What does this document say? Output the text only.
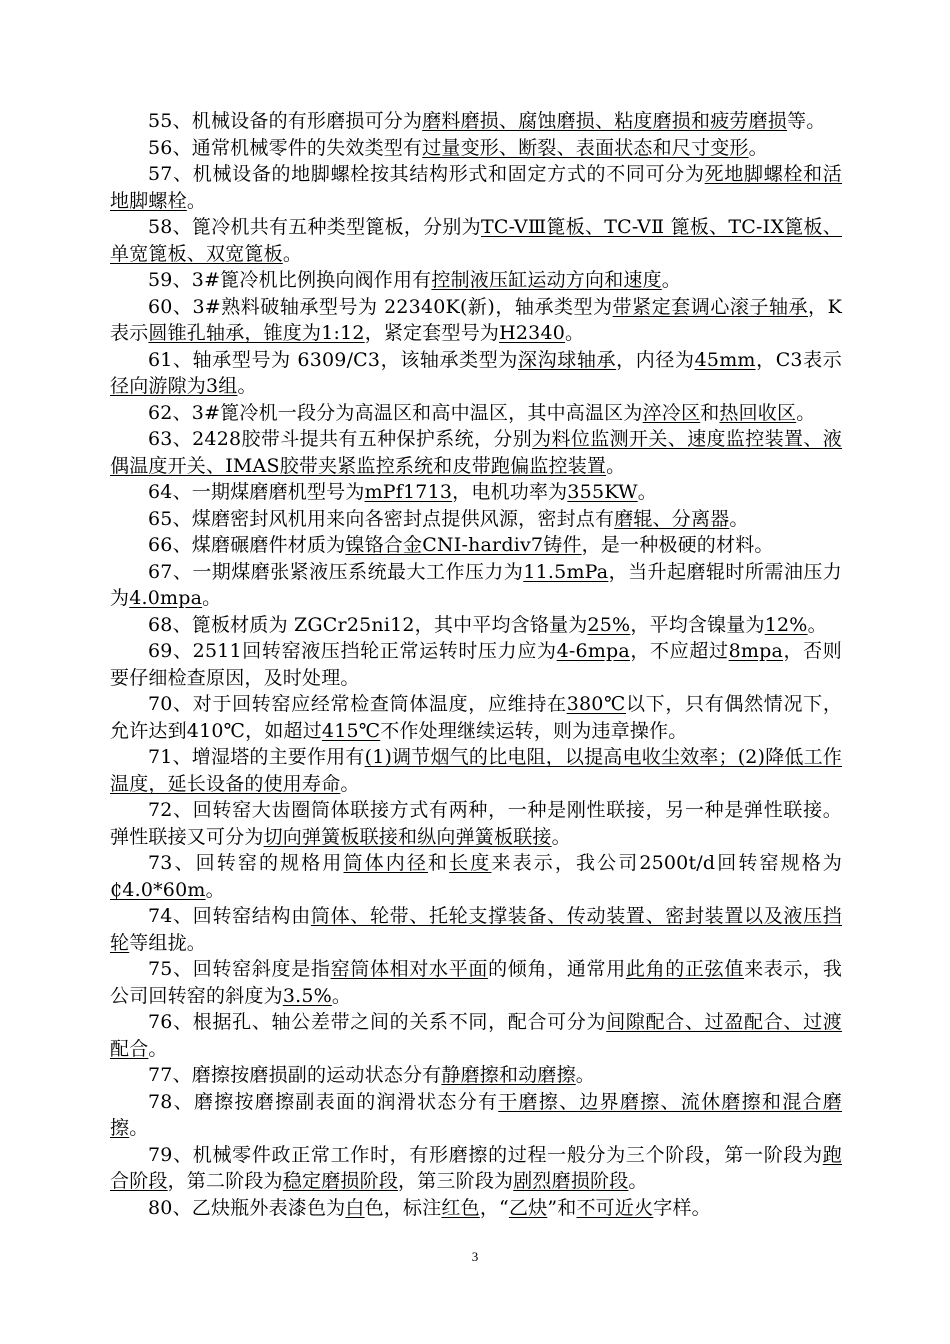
55、机械设备的有形磨损可分为磨料磨损、腐蚀磨损、粘度磨损和疲劳磨损等。

56、通常机械零件的失效类型有过量变形、断裂、表面状态和尺寸变形。

57、机械设备的地脚螺栓按其结构形式和固定方式的不同可分为死地脚螺栓和活地脚螺栓。

58、篦冷机共有五种类型篦板，分别为TC-VⅢ篦板、TC-VⅡ 篦板、TC-ⅠX篦板、单宽篦板、双宽篦板。

59、3#篦冷机比例换向阀作用有控制液压缸运动方向和速度。

60、3#熟料破轴承型号为 22340K(新)，轴承类型为带紧定套调心滚子轴承，K表示圆锥孔轴承，锥度为1:12，紧定套型号为H2340。

61、轴承型号为 6309/C3，该轴承类型为深沟球轴承，内径为45mm，C3表示径向游隙为3组。

62、3#篦冷机一段分为高温区和高中温区，其中高温区为淬冷区和热回收区。

63、2428胶带斗提共有五种保护系统，分别为料位监测开关、速度监控装置、液偶温度开关、IMAS胶带夹紧监控系统和皮带跑偏监控装置。

64、一期煤磨磨机型号为mPf1713，电机功率为355KW。

65、煤磨密封风机用来向各密封点提供风源，密封点有磨辊、分离器。

66、煤磨碾磨件材质为镍铬合金CNI-hardiv7铸件，是一种极硬的材料。

67、一期煤磨张紧液压系统最大工作压力为11.5mPa，当升起磨辊时所需油压力为4.0mpa。

68、篦板材质为 ZGCr25ni12，其中平均含铬量为25%，平均含镍量为12%。

69、2511回转窑液压挡轮正常运转时压力应为4-6mpa，不应超过8mpa，否则要仔细检查原因，及时处理。

70、对于回转窑应经常检查筒体温度，应维持在380℃以下，只有偶然情况下，允许达到410℃，如超过415℃不作处理继续运转，则为违章操作。

71、增湿塔的主要作用有(1)调节烟气的比电阻，以提高电收尘效率；(2)降低工作温度，延长设备的使用寿命。

72、回转窑大齿圈筒体联接方式有两种，一种是刚性联接，另一种是弹性联接。弹性联接又可分为切向弹簧板联接和纵向弹簧板联接。

73、回转窑的规格用筒体内径和长度来表示，我公司2500t/d回转窑规格为₵4.0*60m。

74、回转窑结构由筒体、轮带、托轮支撑装备、传动装置、密封装置以及液压挡轮等组拢。

75、回转窑斜度是指窑筒体相对水平面的倾角，通常用此角的正弦值来表示，我公司回转窑的斜度为3.5%。

76、根据孔、轴公差带之间的关系不同，配合可分为间隙配合、过盈配合、过渡配合。

77、磨擦按磨损副的运动状态分有静磨擦和动磨擦。

78、磨擦按磨擦副表面的润滑状态分有干磨擦、边界磨擦、流休磨擦和混合磨擦。

79、机械零件政正常工作时，有形磨擦的过程一般分为三个阶段，第一阶段为跑合阶段，第二阶段为稳定磨损阶段，第三阶段为剧烈磨损阶段。

80、乙炔瓶外表漆色为白色，标注红色，“乙炔”和不可近火字样。

3
